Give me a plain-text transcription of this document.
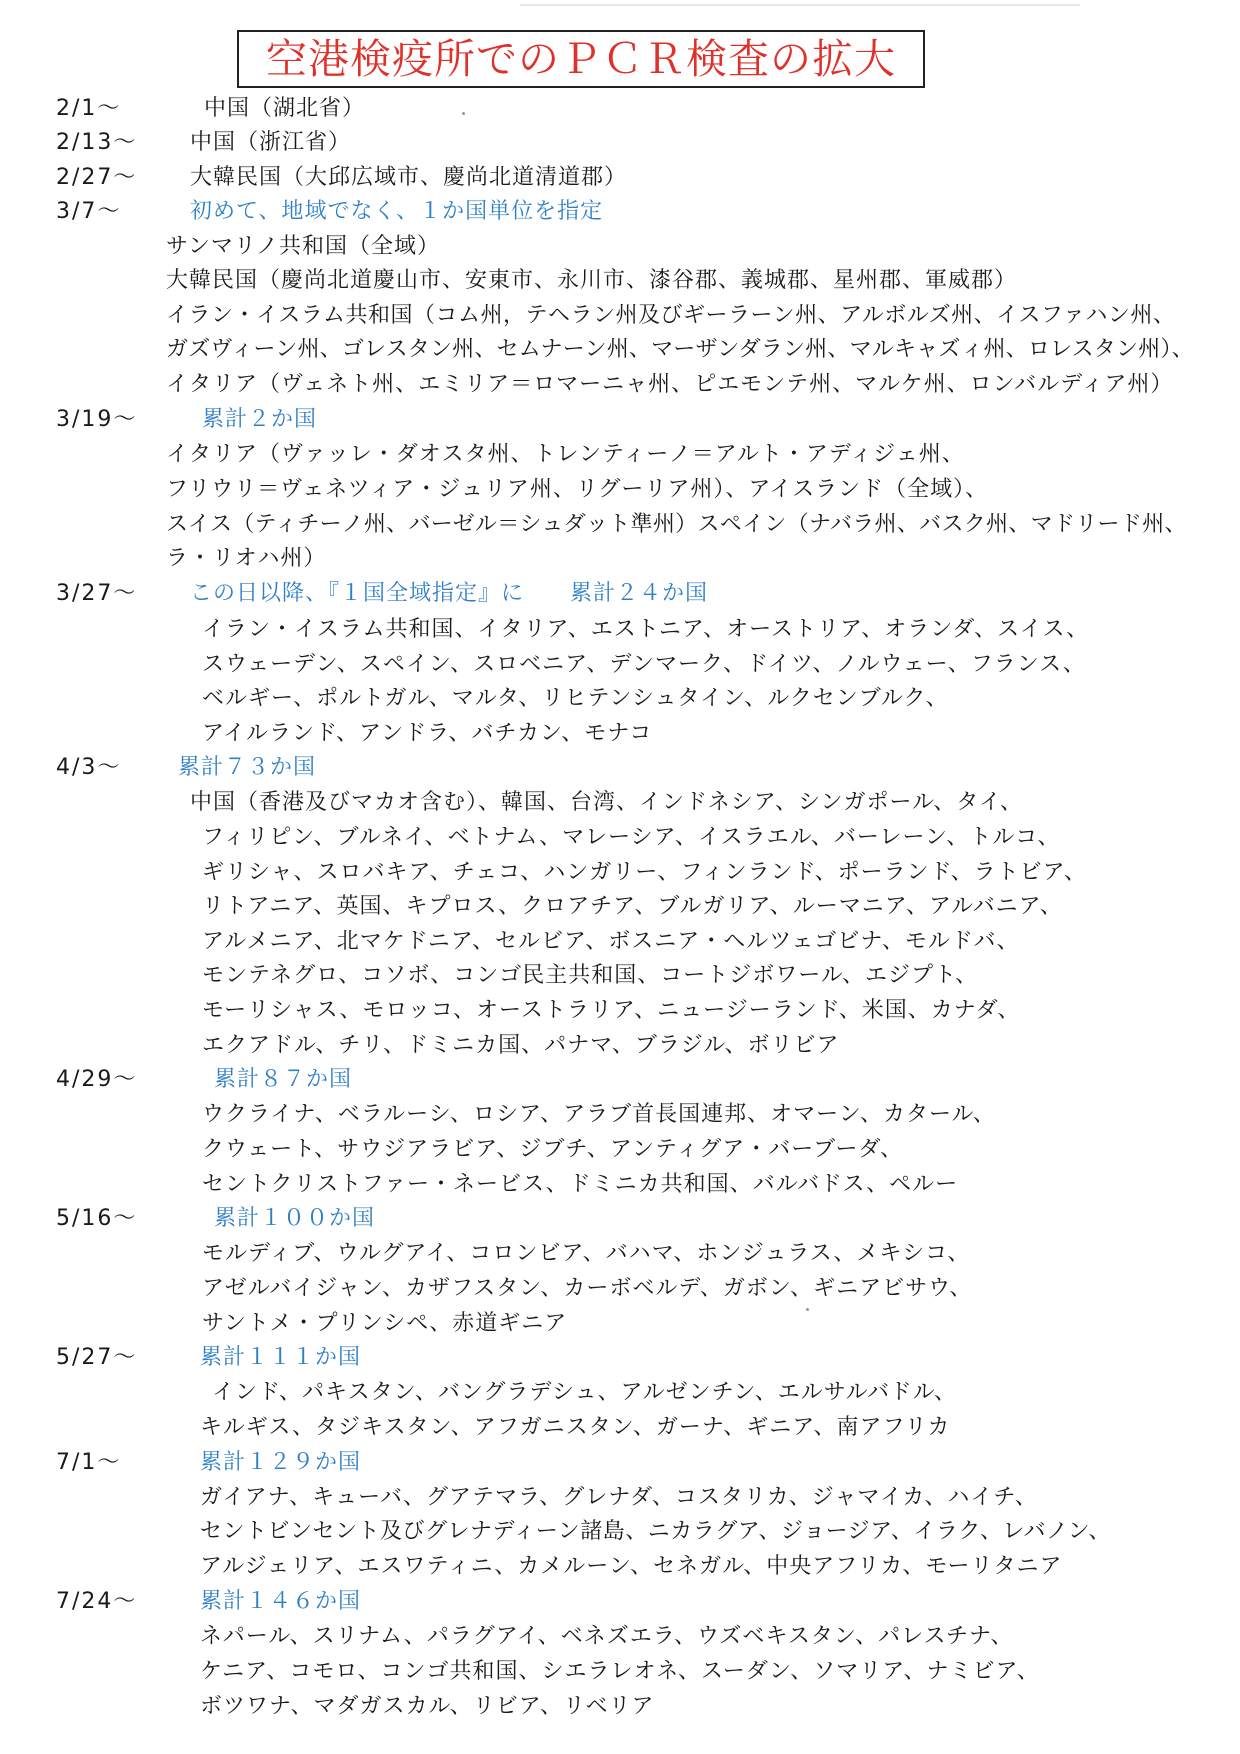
空港検疫所でのＰＣＲ検査の拡大
2/1～	中国（湖北省）
2/13～ 中国（浙江省）
2/27～ 大韓民国（大邱広域市、慶尚北道清道郡）
3/7～	初めて、地域でなく、１か国単位を指定
サンマリノ共和国（全域）
大韓民国（慶尚北道慶山市、安東市、永川市、漆谷郡、義城郡、星州郡、軍威郡）
イラン・イスラム共和国（コム州，テヘラン州及びギーラーン州、アルボルズ州、イスファハン州、
ガズヴィーン州、ゴレスタン州、セムナーン州、マーザンダラン州、マルキャズィ州、ロレスタン州）、
イタリア（ヴェネト州、エミリア＝ロマーニャ州、ピエモンテ州、マルケ州、ロンバルディア州）
3/19～	累計２か国
イタリア（ヴァッレ・ダオスタ州、トレンティーノ＝アルト・アディジェ州、
フリウリ＝ヴェネツィア・ジュリア州、リグーリア州）、アイスランド（全域）、
スイス（ティチーノ州、バーゼル＝シュダット準州）スペイン（ナバラ州、バスク州、マドリード州、
ラ・リオハ州）
3/27～ この日以降、『１国全域指定』に　　累計２４か国
イラン・イスラム共和国、イタリア、エストニア、オーストリア、オランダ、スイス、
スウェーデン、スペイン、スロベニア、デンマーク、ドイツ、ノルウェー、フランス、
ベルギー、ポルトガル、マルタ、リヒテンシュタイン、ルクセンブルク、
アイルランド、アンドラ、バチカン、モナコ
4/3～	累計７３か国
中国（香港及びマカオ含む）、韓国、台湾、インドネシア、シンガポール、タイ、
フィリピン、ブルネイ、ベトナム、マレーシア、イスラエル、バーレーン、トルコ、
ギリシャ、スロバキア、チェコ、ハンガリー、フィンランド、ポーランド、ラトビア、
リトアニア、英国、キプロス、クロアチア、ブルガリア、ルーマニア、アルバニア、
アルメニア、北マケドニア、セルビア、ボスニア・ヘルツェゴビナ、モルドバ、
モンテネグロ、コソボ、コンゴ民主共和国、コートジボワール、エジプト、
モーリシャス、モロッコ、オーストラリア、ニュージーランド、米国、カナダ、
エクアドル、チリ、ドミニカ国、パナマ、ブラジル、ボリビア
4/29～	累計８７か国
ウクライナ、ベラルーシ、ロシア、アラブ首長国連邦、オマーン、カタール、
クウェート、サウジアラビア、ジブチ、アンティグア・バーブーダ、
セントクリストファー・ネービス、ドミニカ共和国、バルバドス、ペルー
5/16～	累計１００か国
モルディブ、ウルグアイ、コロンビア、バハマ、ホンジュラス、メキシコ、
アゼルバイジャン、カザフスタン、カーボベルデ、ガボン、ギニアビサウ、
サントメ・プリンシペ、赤道ギニア
5/27～	累計１１１か国
インド、パキスタン、バングラデシュ、アルゼンチン、エルサルバドル、
キルギス、タジキスタン、アフガニスタン、ガーナ、ギニア、南アフリカ
7/1～	累計１２９か国
ガイアナ、キューバ、グアテマラ、グレナダ、コスタリカ、ジャマイカ、ハイチ、
セントビンセント及びグレナディーン諸島、ニカラグア、ジョージア、イラク、レバノン、
アルジェリア、エスワティニ、カメルーン、セネガル、中央アフリカ、モーリタニア
7/24～	累計１４６か国
ネパール、スリナム、パラグアイ、ベネズエラ、ウズベキスタン、パレスチナ、
ケニア、コモロ、コンゴ共和国、シエラレオネ、スーダン、ソマリア、ナミビア、
ボツワナ、マダガスカル、リビア、リベリア
